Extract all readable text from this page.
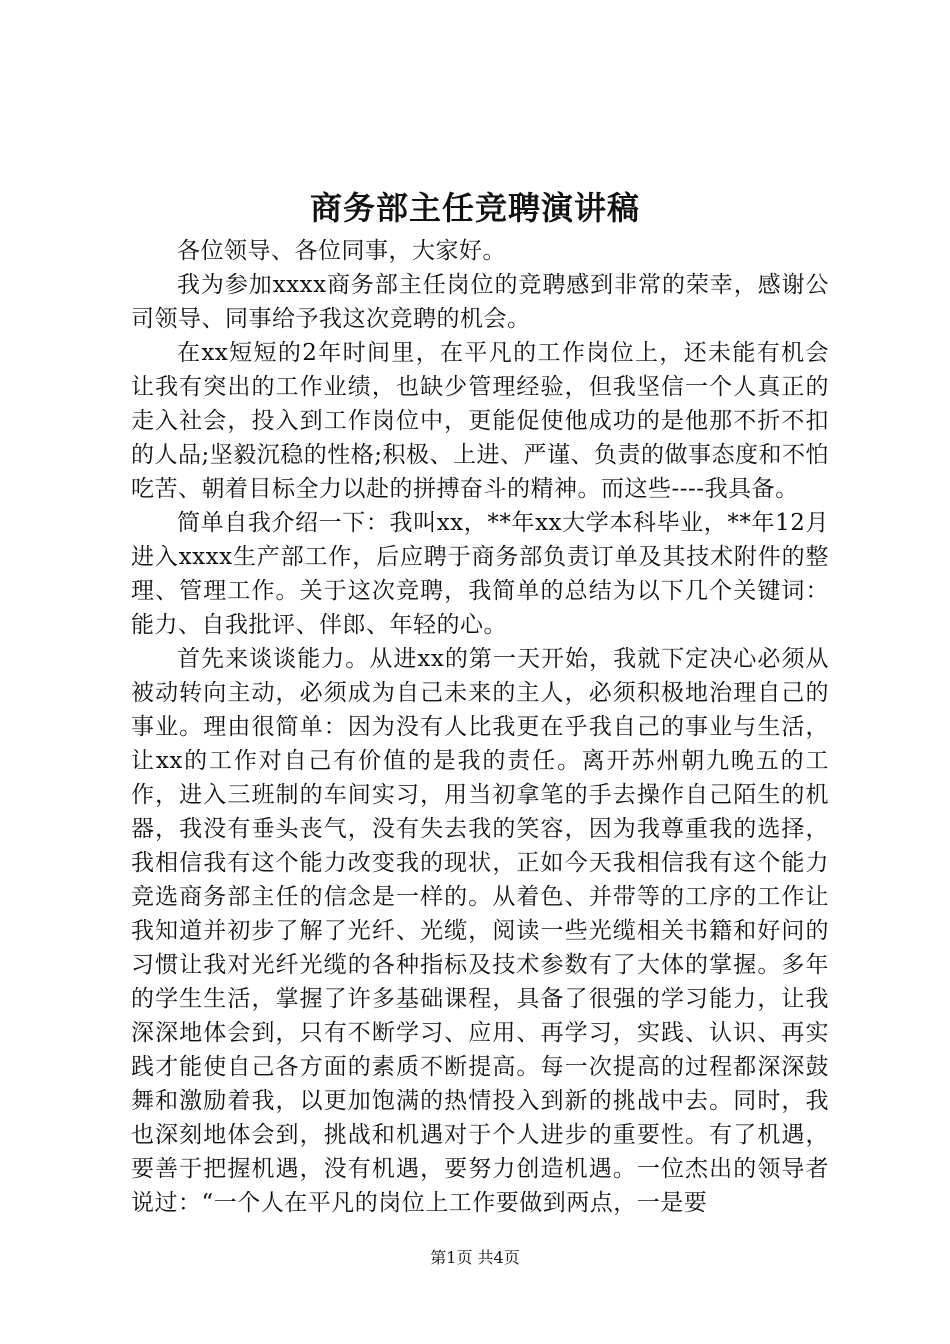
商务部主任竞聘演讲稿

各位领导、各位同事，大家好。

我为参加xxxx商务部主任岗位的竞聘感到非常的荣幸，感谢公司领导、同事给予我这次竞聘的机会。

在xx短短的2年时间里，在平凡的工作岗位上，还未能有机会让我有突出的工作业绩，也缺少管理经验，但我坚信一个人真正的走入社会，投入到工作岗位中，更能促使他成功的是他那不折不扣的人品;坚毅沉稳的性格;积极、上进、严谨、负责的做事态度和不怕吃苦、朝着目标全力以赴的拼搏奋斗的精神。而这些----我具备。

简单自我介绍一下：我叫xx，**年xx大学本科毕业，**年12月进入xxxx生产部工作，后应聘于商务部负责订单及其技术附件的整理、管理工作。关于这次竞聘，我简单的总结为以下几个关键词：能力、自我批评、伴郎、年轻的心。

首先来谈谈能力。从进xx的第一天开始，我就下定决心必须从被动转向主动，必须成为自己未来的主人，必须积极地治理自己的事业。理由很简单：因为没有人比我更在乎我自己的事业与生活，让xx的工作对自己有价值的是我的责任。离开苏州朝九晚五的工作，进入三班制的车间实习，用当初拿笔的手去操作自己陌生的机器，我没有垂头丧气，没有失去我的笑容，因为我尊重我的选择，我相信我有这个能力改变我的现状，正如今天我相信我有这个能力竞选商务部主任的信念是一样的。从着色、并带等的工序的工作让我知道并初步了解了光纤、光缆，阅读一些光缆相关书籍和好问的习惯让我对光纤光缆的各种指标及技术参数有了大体的掌握。多年的学生生活，掌握了许多基础课程，具备了很强的学习能力，让我深深地体会到，只有不断学习、应用、再学习，实践、认识、再实践才能使自己各方面的素质不断提高。每一次提高的过程都深深鼓舞和激励着我，以更加饱满的热情投入到新的挑战中去。同时，我也深刻地体会到，挑战和机遇对于个人进步的重要性。有了机遇，要善于把握机遇，没有机遇，要努力创造机遇。一位杰出的领导者说过：“一个人在平凡的岗位上工作要做到两点，一是要

第1页 共4页
